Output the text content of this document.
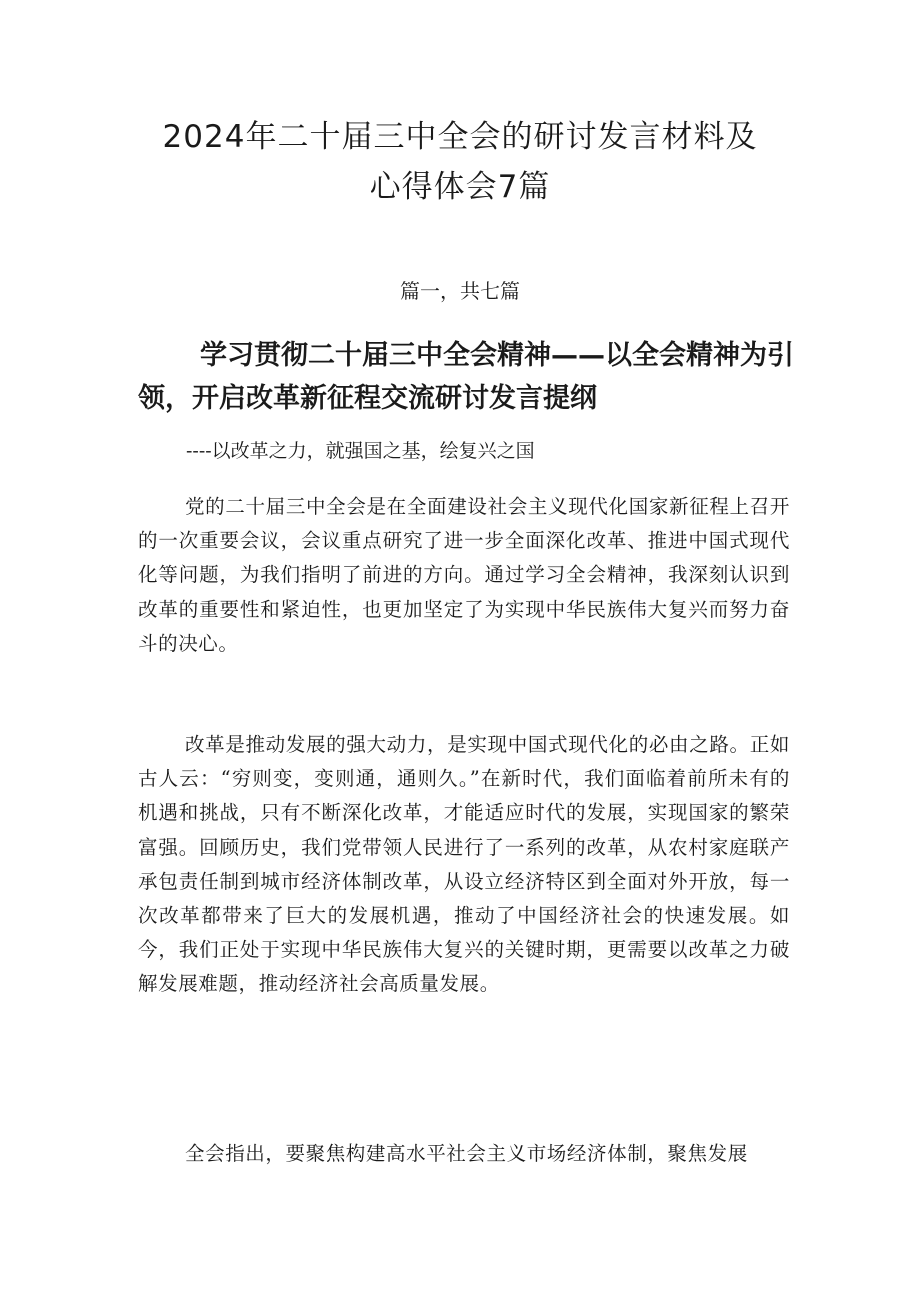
2024年二十届三中全会的研讨发言材料及
心得体会7篇
篇一，共七篇
学习贯彻二十届三中全会精神——以全会精神为引领，开启改革新征程交流研讨发言提纲
----以改革之力，就强国之基，绘复兴之国

党的二十届三中全会是在全面建设社会主义现代化国家新征程上召开的一次重要会议，会议重点研究了进一步全面深化改革、推进中国式现代化等问题，为我们指明了前进的方向。通过学习全会精神，我深刻认识到改革的重要性和紧迫性，也更加坚定了为实现中华民族伟大复兴而努力奋斗的决心。

改革是推动发展的强大动力，是实现中国式现代化的必由之路。正如古人云：“穷则变，变则通，通则久。”在新时代，我们面临着前所未有的机遇和挑战，只有不断深化改革，才能适应时代的发展，实现国家的繁荣富强。回顾历史，我们党带领人民进行了一系列的改革，从农村家庭联产承包责任制到城市经济体制改革，从设立经济特区到全面对外开放，每一次改革都带来了巨大的发展机遇，推动了中国经济社会的快速发展。如今，我们正处于实现中华民族伟大复兴的关键时期，更需要以改革之力破解发展难题，推动经济社会高质量发展。

全会指出，要聚焦构建高水平社会主义市场经济体制，聚焦发展
